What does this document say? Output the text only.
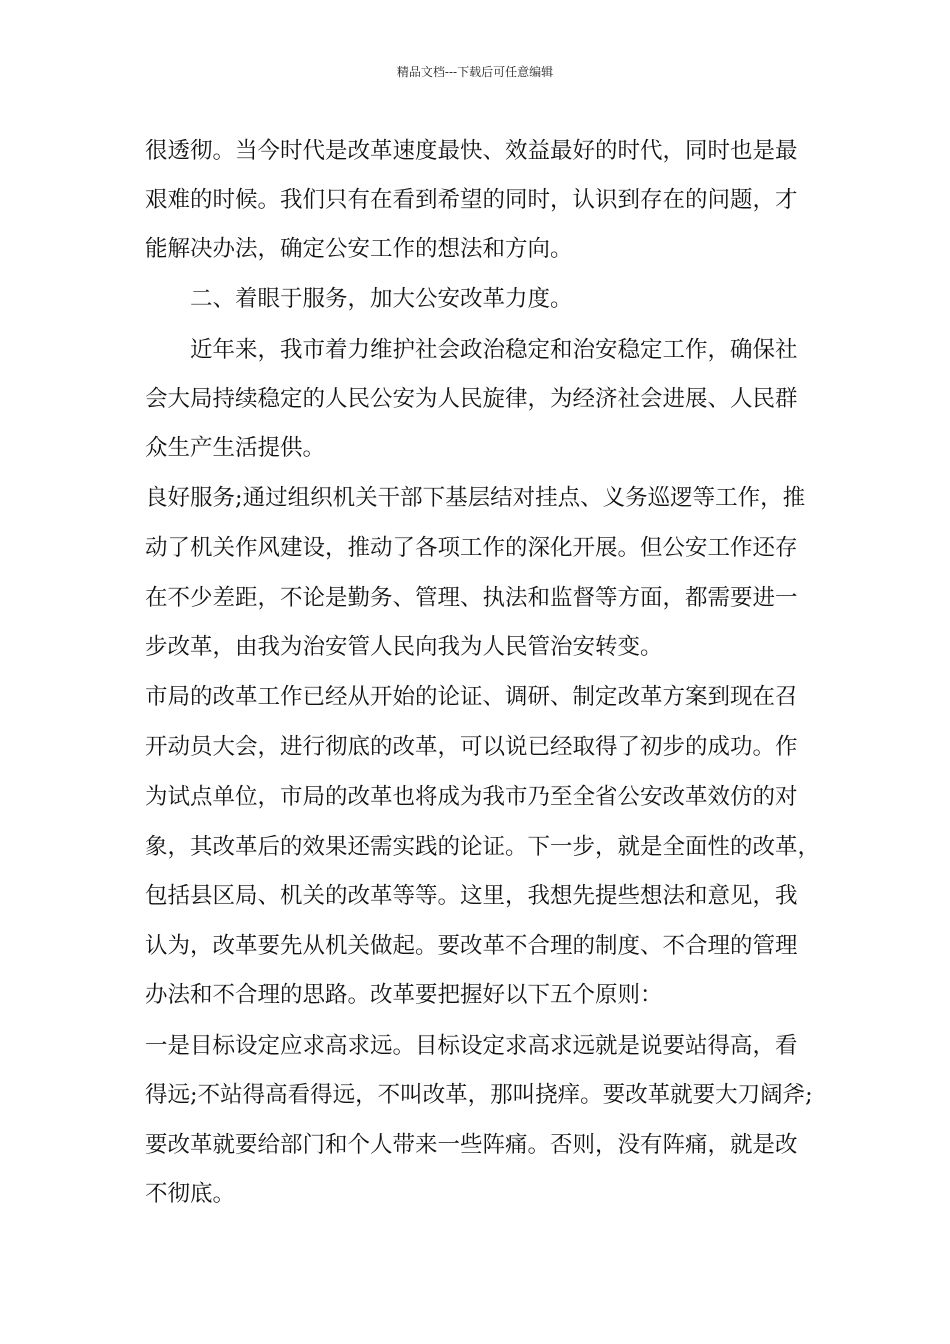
精品文档---下载后可任意编辑
很透彻。当今时代是改革速度最快、效益最好的时代，同时也是最
艰难的时候。我们只有在看到希望的同时，认识到存在的问题，才
能解决办法，确定公安工作的想法和方向。
　　二、着眼于服务，加大公安改革力度。
　　近年来，我市着力维护社会政治稳定和治安稳定工作，确保社
会大局持续稳定的人民公安为人民旋律，为经济社会进展、人民群
众生产生活提供。
良好服务;通过组织机关干部下基层结对挂点、义务巡逻等工作，推
动了机关作风建设，推动了各项工作的深化开展。但公安工作还存
在不少差距，不论是勤务、管理、执法和监督等方面，都需要进一
步改革，由我为治安管人民向我为人民管治安转变。
市局的改革工作已经从开始的论证、调研、制定改革方案到现在召
开动员大会，进行彻底的改革，可以说已经取得了初步的成功。作
为试点单位，市局的改革也将成为我市乃至全省公安改革效仿的对
象，其改革后的效果还需实践的论证。下一步，就是全面性的改革，
包括县区局、机关的改革等等。这里，我想先提些想法和意见，我
认为，改革要先从机关做起。要改革不合理的制度、不合理的管理
办法和不合理的思路。改革要把握好以下五个原则：
一是目标设定应求高求远。目标设定求高求远就是说要站得高，看
得远;不站得高看得远，不叫改革，那叫挠痒。要改革就要大刀阔斧;
要改革就要给部门和个人带来一些阵痛。否则，没有阵痛，就是改
不彻底。
